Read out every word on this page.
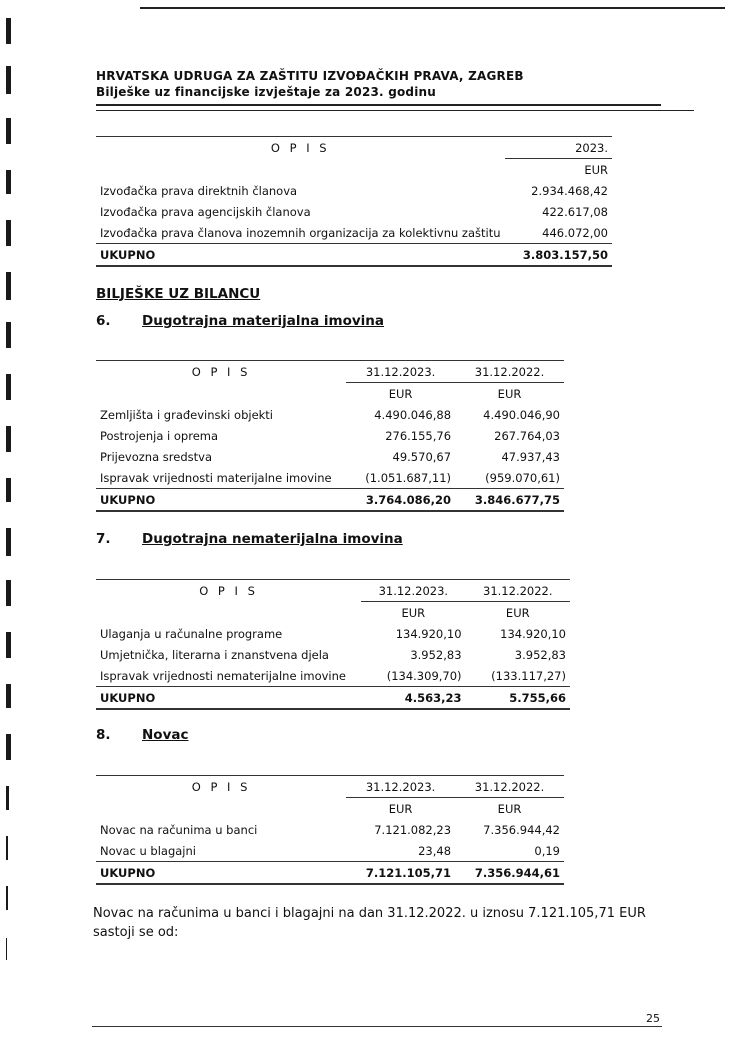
HRVATSKA UDRUGA ZA ZAŠTITU IZVOĐAČKIH PRAVA, ZAGREB
Bilješke uz financijske izvještaje za 2023. godinu
O P I S	2023.
	EUR
Izvođačka prava direktnih članova	2.934.468,42
Izvođačka prava agencijskih članova	422.617,08
Izvođačka prava članova inozemnih organizacija za kolektivnu zaštitu	446.072,00
UKUPNO	3.803.157,50
BILJEŠKE UZ BILANCU
6. Dugotrajna materijalna imovina
O P I S	31.12.2023.	31.12.2022.
	EUR	EUR
Zemljišta i građevinski objekti	4.490.046,88	4.490.046,90
Postrojenja i oprema	276.155,76	267.764,03
Prijevozna sredstva	49.570,67	47.937,43
Ispravak vrijednosti materijalne imovine	(1.051.687,11)	(959.070,61)
UKUPNO	3.764.086,20	3.846.677,75
7. Dugotrajna nematerijalna imovina
O P I S	31.12.2023.	31.12.2022.
	EUR	EUR
Ulaganja u računalne programe	134.920,10	134.920,10
Umjetnička, literarna i znanstvena djela	3.952,83	3.952,83
Ispravak vrijednosti nematerijalne imovine	(134.309,70)	(133.117,27)
UKUPNO	4.563,23	5.755,66
8. Novac
O P I S	31.12.2023.	31.12.2022.
	EUR	EUR
Novac na računima u banci	7.121.082,23	7.356.944,42
Novac u blagajni	23,48	0,19
UKUPNO	7.121.105,71	7.356.944,61
Novac na računima u banci i blagajni na dan 31.12.2022. u iznosu 7.121.105,71 EUR sastoji se od:
25
